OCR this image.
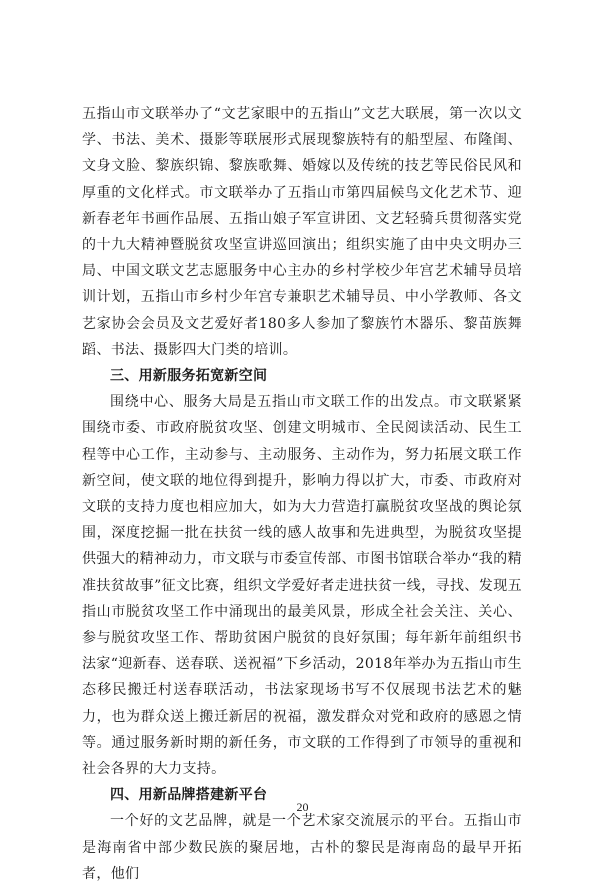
五指山市文联举办了“文艺家眼中的五指山”文艺大联展，第一次以文学、书法、美术、摄影等联展形式展现黎族特有的船型屋、布隆闺、文身文脸、黎族织锦、黎族歌舞、婚嫁以及传统的技艺等民俗民风和厚重的文化样式。市文联举办了五指山市第四届候鸟文化艺术节、迎新春老年书画作品展、五指山娘子军宣讲团、文艺轻骑兵贯彻落实党的十九大精神暨脱贫攻坚宣讲巡回演出；组织实施了由中央文明办三局、中国文联文艺志愿服务中心主办的乡村学校少年宫艺术辅导员培训计划，五指山市乡村少年宫专兼职艺术辅导员、中小学教师、各文艺家协会会员及文艺爱好者180多人参加了黎族竹木器乐、黎苗族舞蹈、书法、摄影四大门类的培训。

三、用新服务拓宽新空间

围绕中心、服务大局是五指山市文联工作的出发点。市文联紧紧围绕市委、市政府脱贫攻坚、创建文明城市、全民阅读活动、民生工程等中心工作，主动参与、主动服务、主动作为，努力拓展文联工作新空间，使文联的地位得到提升，影响力得以扩大，市委、市政府对文联的支持力度也相应加大，如为大力营造打赢脱贫攻坚战的舆论氛围，深度挖掘一批在扶贫一线的感人故事和先进典型，为脱贫攻坚提供强大的精神动力，市文联与市委宣传部、市图书馆联合举办“我的精准扶贫故事”征文比赛，组织文学爱好者走进扶贫一线，寻找、发现五指山市脱贫攻坚工作中涌现出的最美风景，形成全社会关注、关心、参与脱贫攻坚工作、帮助贫困户脱贫的良好氛围；每年新年前组织书法家“迎新春、送春联、送祝福”下乡活动，2018年举办为五指山市生态移民搬迁村送春联活动，书法家现场书写不仅展现书法艺术的魅力，也为群众送上搬迁新居的祝福，激发群众对党和政府的感恩之情等。通过服务新时期的新任务，市文联的工作得到了市领导的重视和社会各界的大力支持。

四、用新品牌搭建新平台

一个好的文艺品牌，就是一个艺术家交流展示的平台。五指山市是海南省中部少数民族的聚居地，古朴的黎民是海南岛的最早开拓者，他们

20
